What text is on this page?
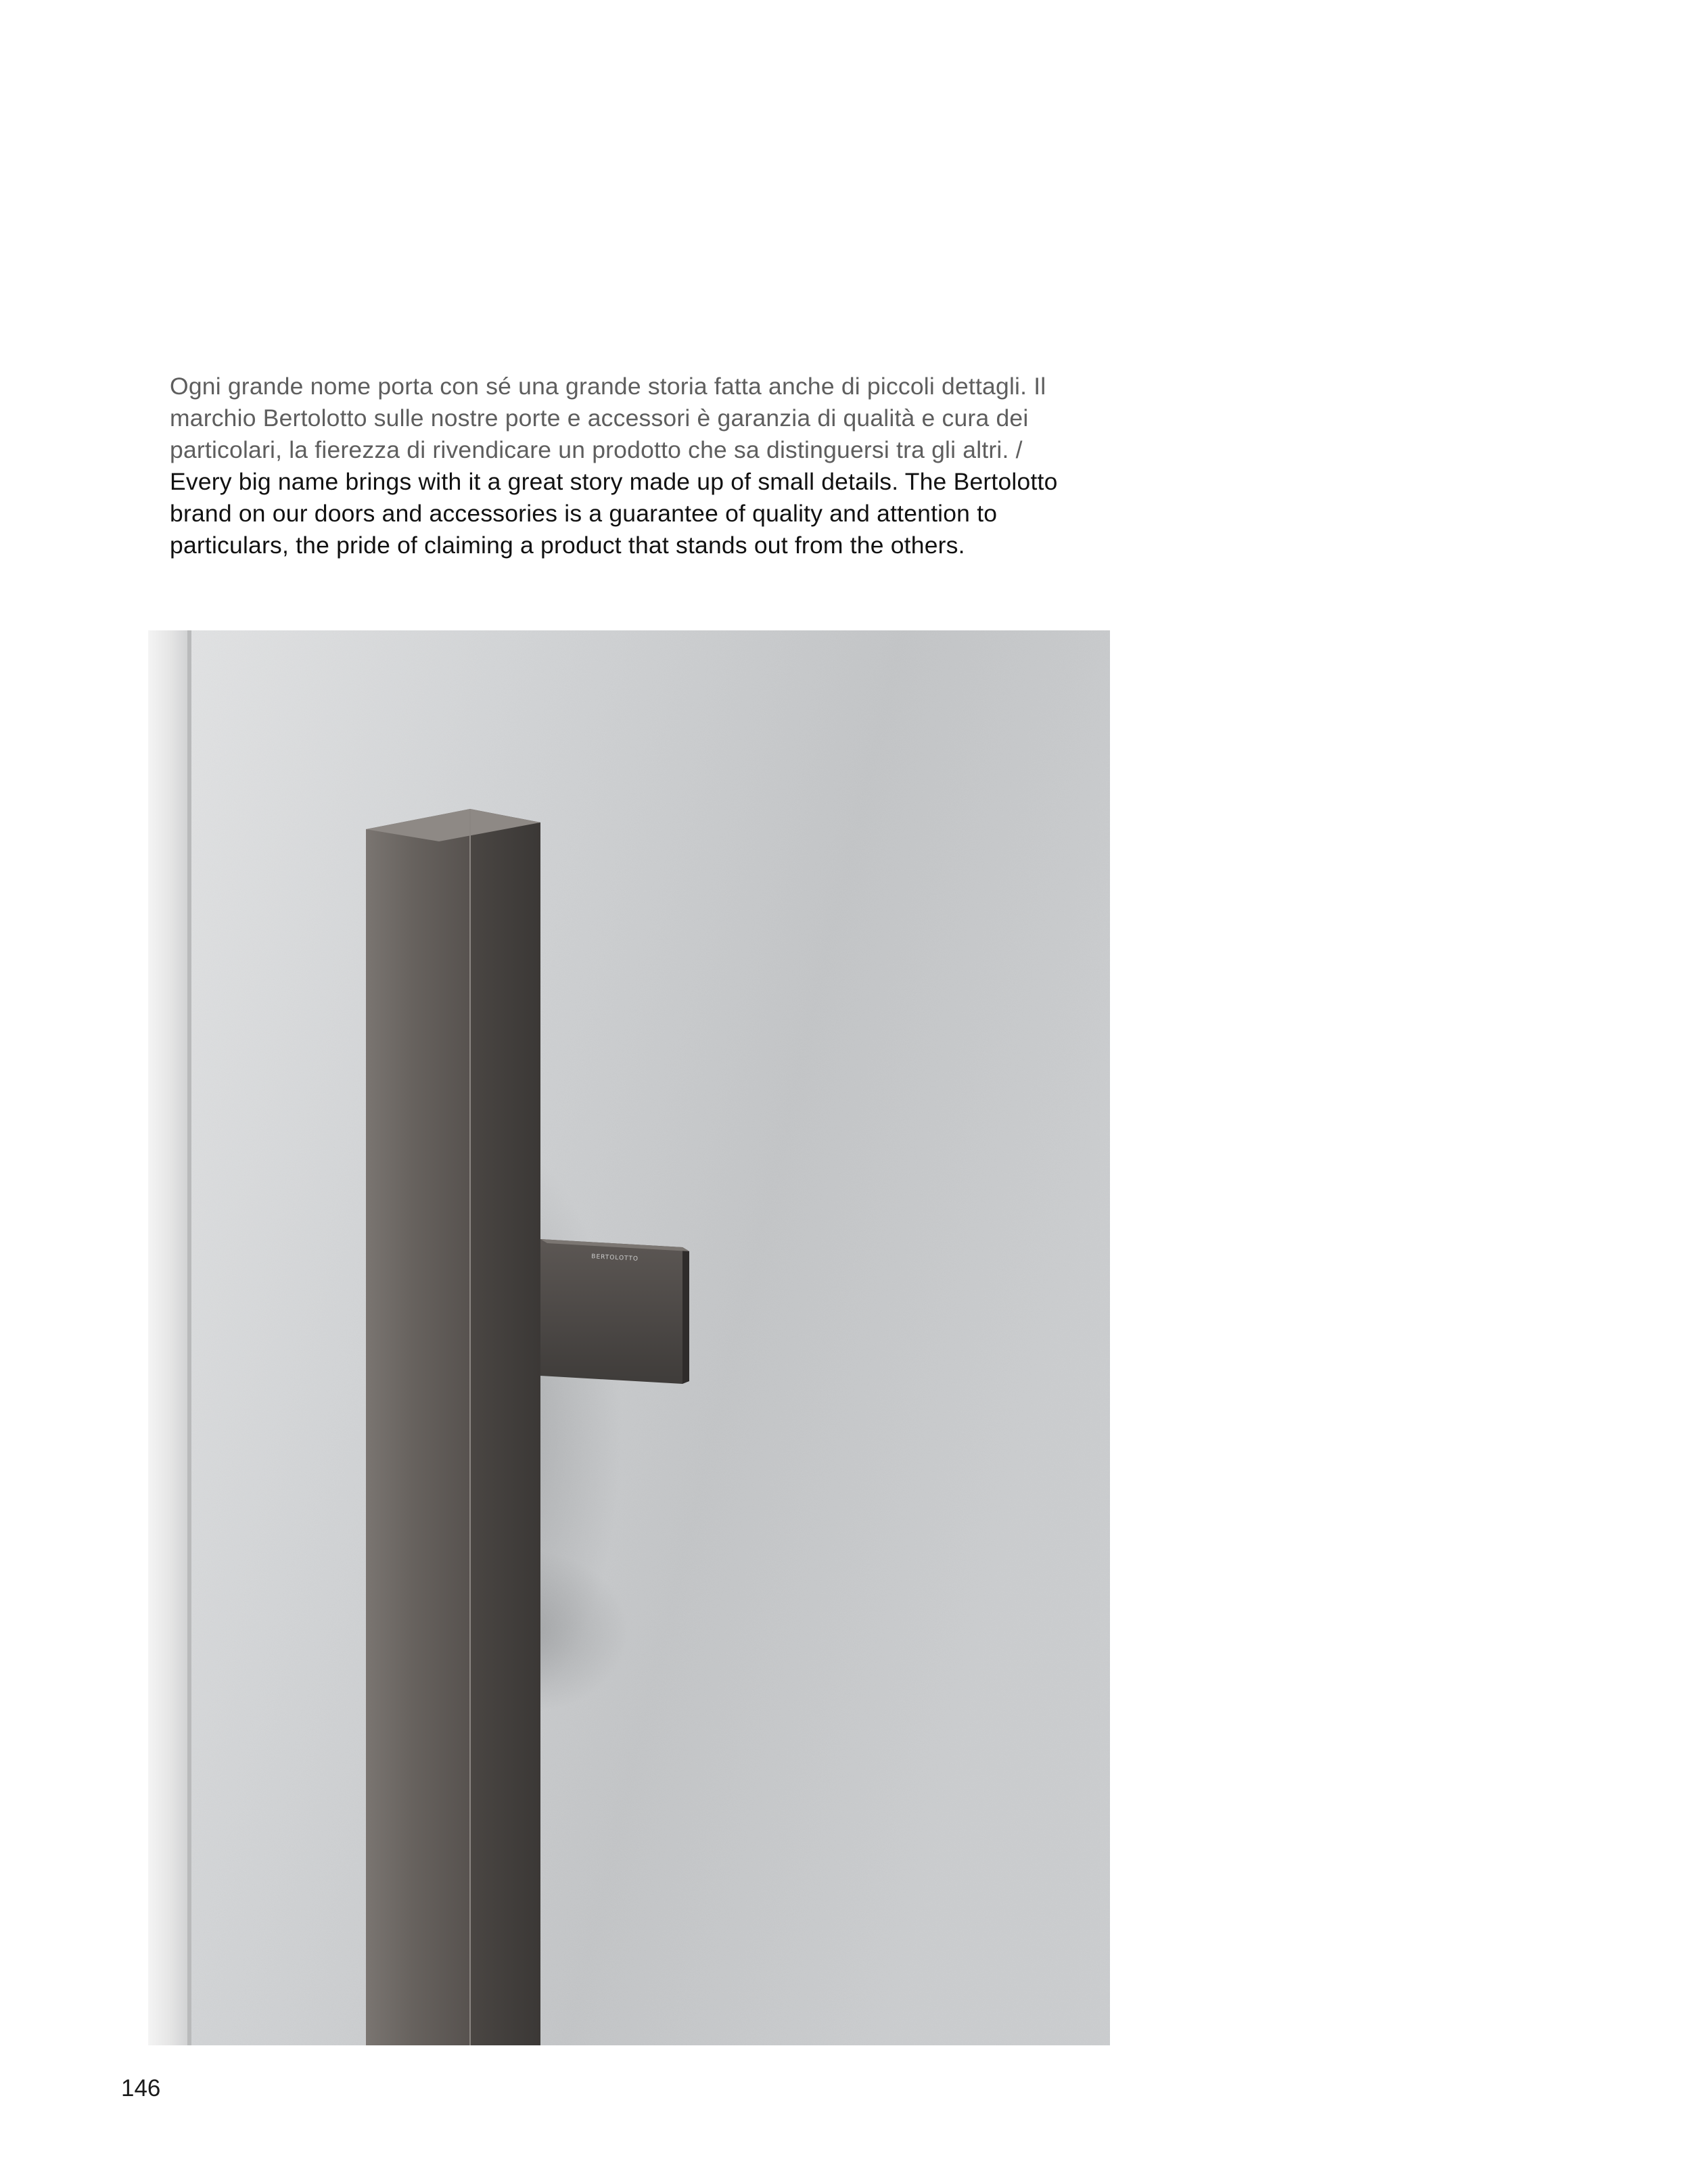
Ogni grande nome porta con sé una grande storia fatta anche di piccoli dettagli. Il marchio Bertolotto sulle nostre porte e accessori è garanzia di qualità e cura dei particolari, la fierezza di rivendicare un prodotto che sa distinguersi tra gli altri. / Every big name brings with it a great story made up of small details. The Bertolotto brand on our doors and accessories is a guarantee of quality and attention to particulars, the pride of claiming a product that stands out from the others.

BERTOLOTTO

146
